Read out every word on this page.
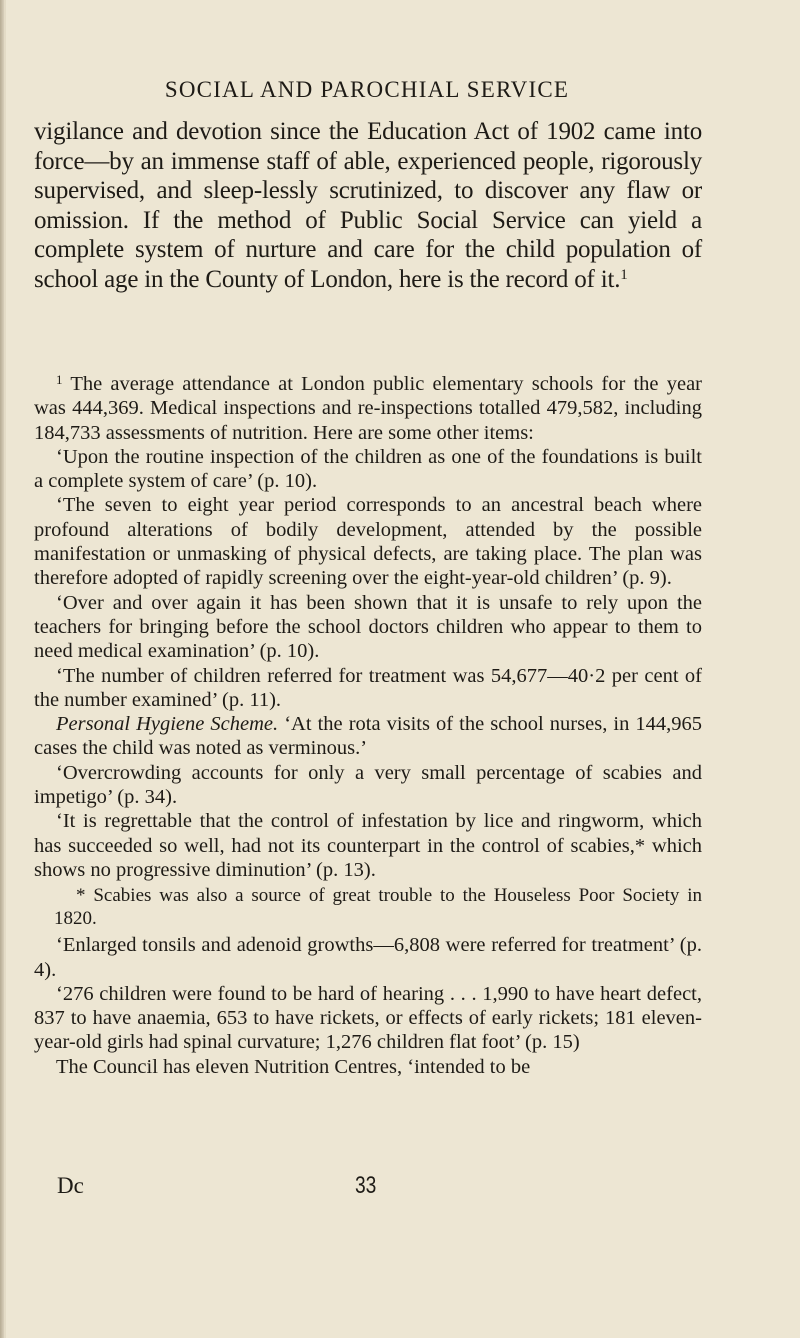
SOCIAL AND PAROCHIAL SERVICE
vigilance and devotion since the Education Act of 1902 came into force—by an immense staff of able, experienced people, rigorously supervised, and sleep-lessly scrutinized, to discover any flaw or omission. If the method of Public Social Service can yield a complete system of nurture and care for the child population of school age in the County of London, here is the record of it.$^1$

$^1$ The average attendance at London public elementary schools for the year was 444,369. Medical inspections and re-inspections totalled 479,582, including 184,733 assessments of nutrition. Here are some other items:

‘Upon the routine inspection of the children as one of the foundations is built a complete system of care’ (p. 10).

‘The seven to eight year period corresponds to an ancestral beach where profound alterations of bodily development, attended by the possible manifestation or unmasking of physical defects, are taking place. The plan was therefore adopted of rapidly screening over the eight-year-old children’ (p. 9).

‘Over and over again it has been shown that it is unsafe to rely upon the teachers for bringing before the school doctors children who appear to them to need medical examination’ (p. 10).

‘The number of children referred for treatment was 54,677—40·2 per cent of the number examined’ (p. 11).

Personal Hygiene Scheme. ‘At the rota visits of the school nurses, in 144,965 cases the child was noted as verminous.’

‘Overcrowding accounts for only a very small percentage of scabies and impetigo’ (p. 34).

‘It is regrettable that the control of infestation by lice and ringworm, which has succeeded so well, had not its counterpart in the control of scabies,* which shows no progressive diminution’ (p. 13).

* Scabies was also a source of great trouble to the Houseless Poor Society in 1820.

‘Enlarged tonsils and adenoid growths—6,808 were referred for treatment’ (p. 4).

‘276 children were found to be hard of hearing . . . 1,990 to have heart defect, 837 to have anaemia, 653 to have rickets, or effects of early rickets; 181 eleven-year-old girls had spinal curvature; 1,276 children flat foot’ (p. 15)

The Council has eleven Nutrition Centres, ‘intended to be

Dc	33
